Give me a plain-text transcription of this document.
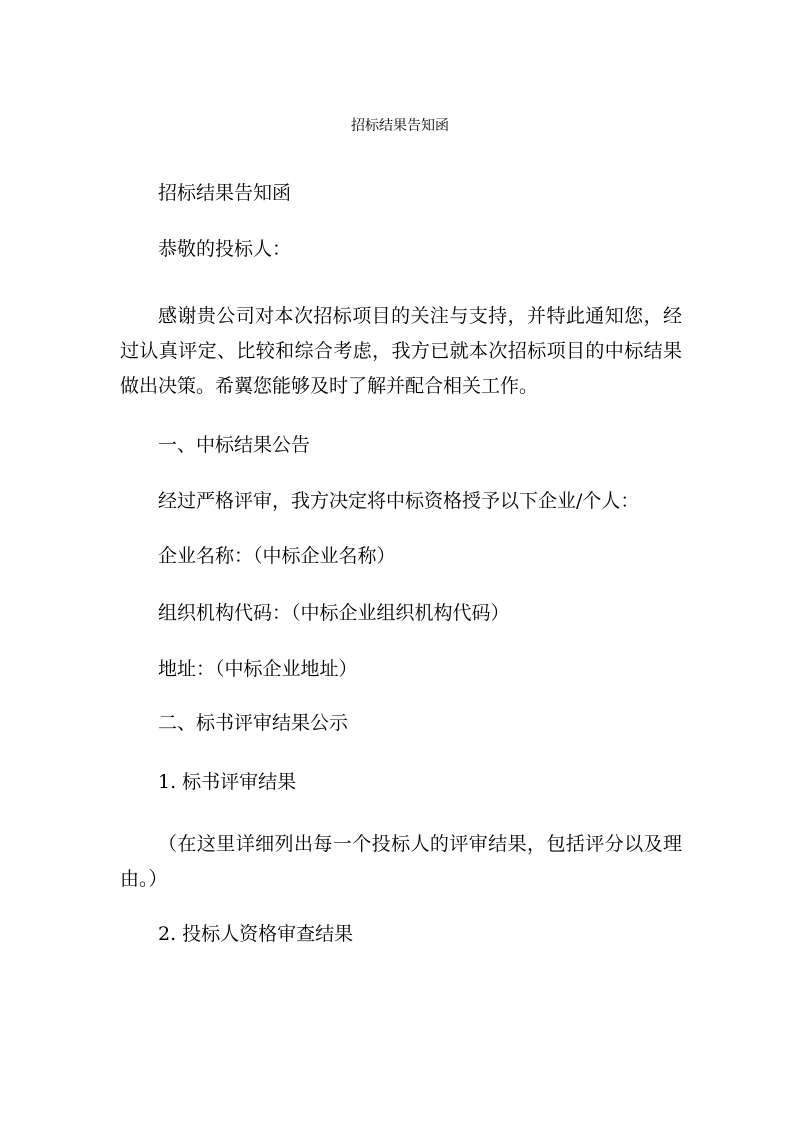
招标结果告知函
招标结果告知函
恭敬的投标人：
感谢贵公司对本次招标项目的关注与支持，并特此通知您，经过认真评定、比较和综合考虑，我方已就本次招标项目的中标结果做出决策。希翼您能够及时了解并配合相关工作。
一、中标结果公告
经过严格评审，我方决定将中标资格授予以下企业/个人：
企业名称：（中标企业名称）
组织机构代码：（中标企业组织机构代码）
地址：（中标企业地址）
二、标书评审结果公示
1. 标书评审结果
（在这里详细列出每一个投标人的评审结果，包括评分以及理由。）
2. 投标人资格审查结果
